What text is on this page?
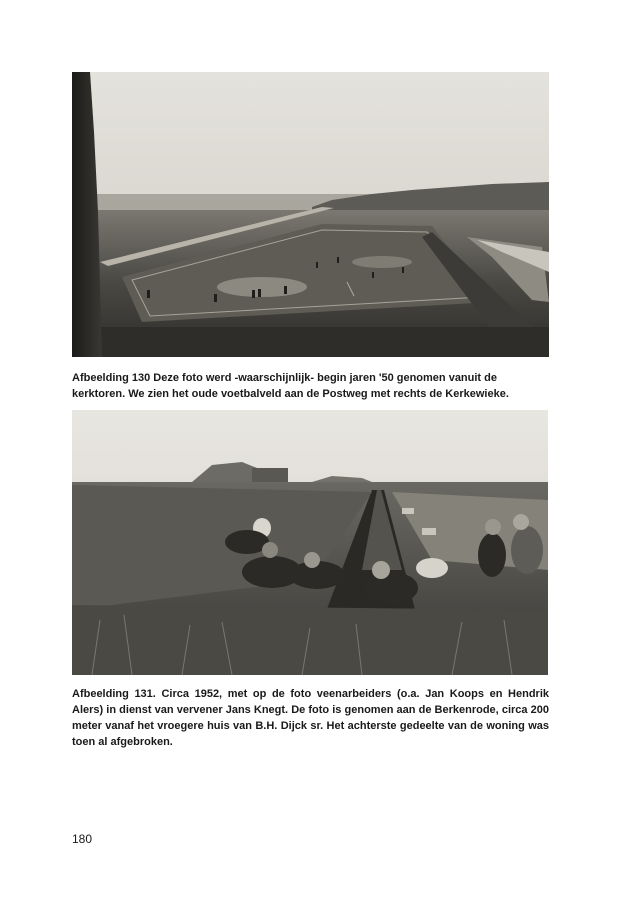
Afbeelding 130 Deze foto werd -waarschijnlijk- begin jaren '50 genomen vanuit de kerktoren. We zien het oude voetbalveld aan de Postweg met rechts de Kerkewieke.

Afbeelding 131. Circa 1952, met op de foto veenarbeiders (o.a. Jan Koops en Hendrik Alers) in dienst van vervener Jans Knegt. De foto is genomen aan de Berkenrode, circa 200 meter vanaf het vroegere huis van B.H. Dijck sr. Het achterste gedeelte van de woning was toen al afgebroken.

180
